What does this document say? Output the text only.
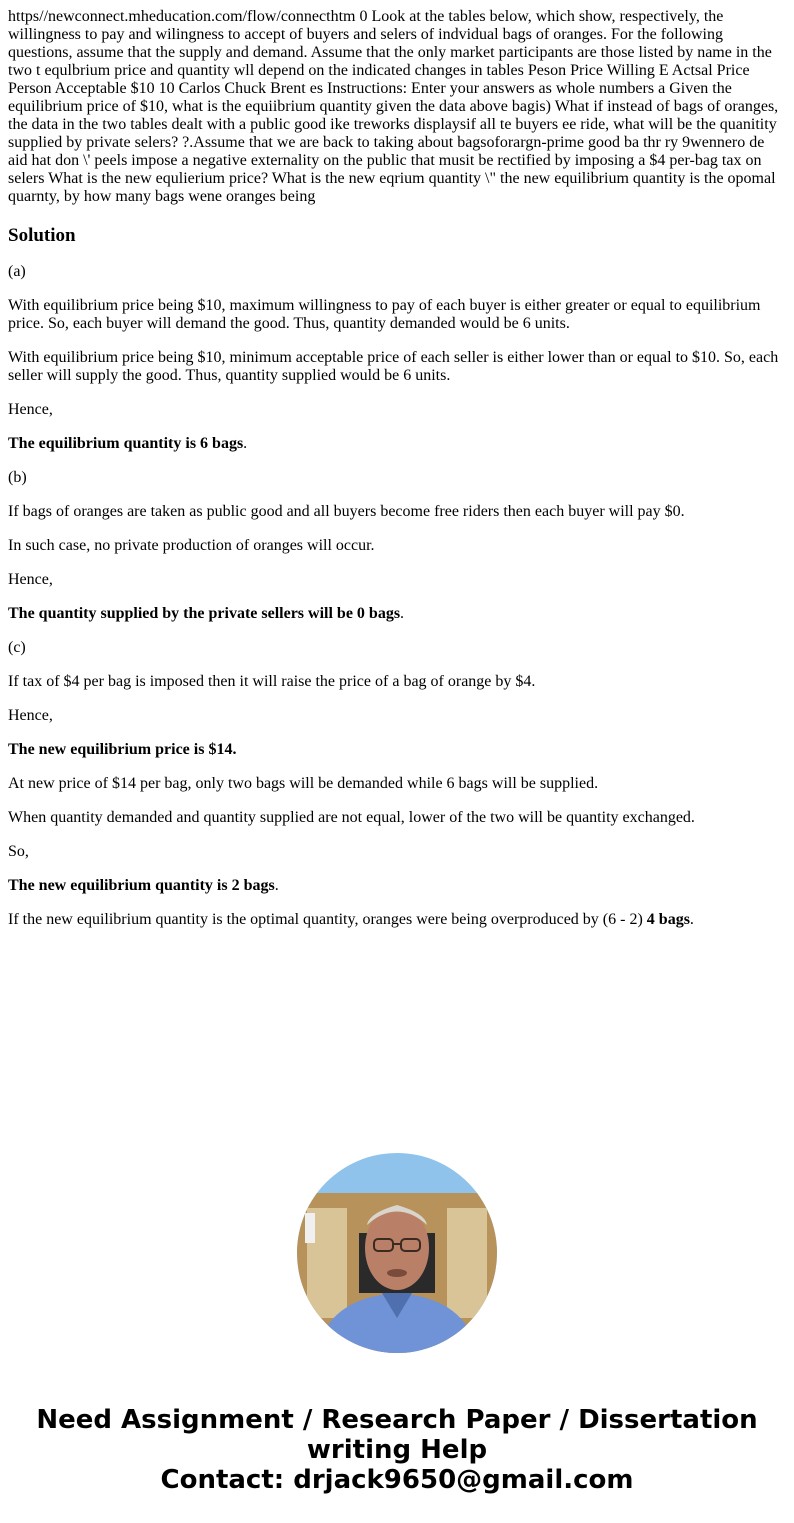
https//newconnect.mheducation.com/flow/connecthtm 0 Look at the tables below, which show, respectively, the willingness to pay and wilingness to accept of buyers and selers of indvidual bags of oranges. For the following questions, assume that the supply and demand. Assume that the only market participants are those listed by name in the two t equlbrium price and quantity wll depend on the indicated changes in tables Peson Price Willing E Actsal Price Person Acceptable $10 10 Carlos Chuck Brent es Instructions: Enter your answers as whole numbers a Given the equilibrium price of $10, what is the equiibrium quantity given the data above bagis) What if instead of bags of oranges, the data in the two tables dealt with a public good ike treworks displaysif all te buyers ee ride, what will be the quanitity supplied by private selers? ?.Assume that we are back to taking about bagsoforargn-prime good ba thr ry 9wennero de aid hat don \' peels impose a negative externality on the public that musit be rectified by imposing a $4 per-bag tax on selers What is the new equlierium price? What is the new eqrium quantity \" the new equilibrium quantity is the opomal quarnty, by how many bags wene oranges being

Solution

(a)

With equilibrium price being $10, maximum willingness to pay of each buyer is either greater or equal to equilibrium price. So, each buyer will demand the good. Thus, quantity demanded would be 6 units.

With equilibrium price being $10, minimum acceptable price of each seller is either lower than or equal to $10. So, each seller will supply the good. Thus, quantity supplied would be 6 units.

Hence,

The equilibrium quantity is 6 bags.

(b)

If bags of oranges are taken as public good and all buyers become free riders then each buyer will pay $0.

In such case, no private production of oranges will occur.

Hence,

The quantity supplied by the private sellers will be 0 bags.

(c)

If tax of $4 per bag is imposed then it will raise the price of a bag of orange by $4.

Hence,

The new equilibrium price is $14.

At new price of $14 per bag, only two bags will be demanded while 6 bags will be supplied.

When quantity demanded and quantity supplied are not equal, lower of the two will be quantity exchanged.

So,

The new equilibrium quantity is 2 bags.

If the new equilibrium quantity is the optimal quantity, oranges were being overproduced by (6 - 2) 4 bags.

Need Assignment / Research Paper / Dissertation
writing Help
Contact: drjack9650@gmail.com
